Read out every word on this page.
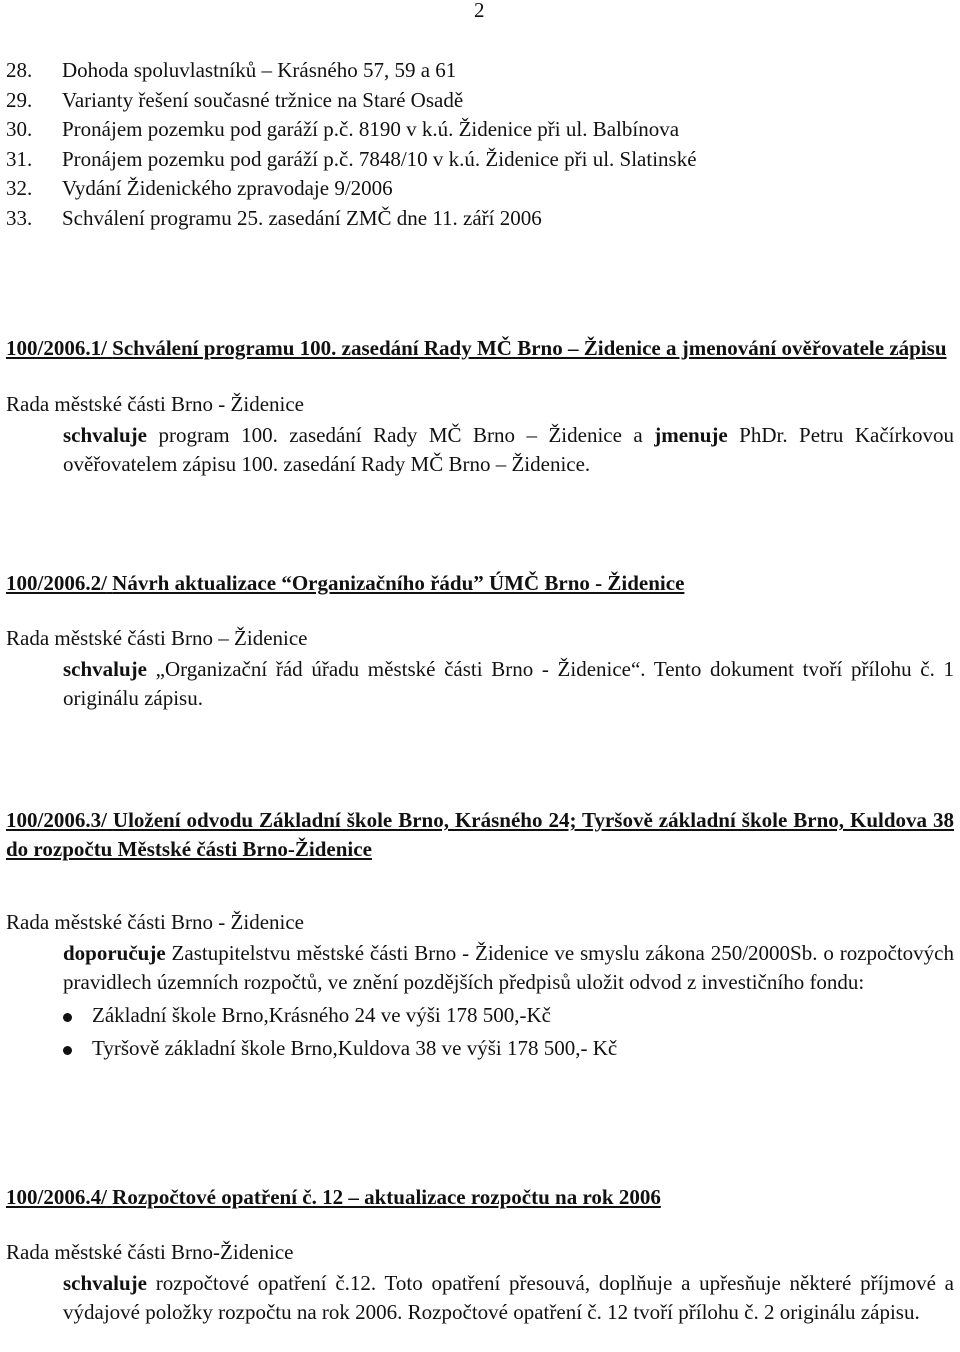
2
28.	Dohoda spoluvlastníků – Krásného 57, 59 a 61
29.	Varianty řešení současné tržnice na Staré Osadě
30.	Pronájem pozemku pod garáží p.č. 8190 v k.ú. Židenice při ul. Balbínova
31.	Pronájem pozemku pod garáží p.č. 7848/10 v k.ú. Židenice při ul. Slatinské
32.	Vydání Židenického zpravodaje 9/2006
33.	Schválení programu 25. zasedání ZMČ dne 11. září 2006
100/2006.1/ Schválení programu 100. zasedání Rady MČ Brno – Židenice a jmenování ověřovatele zápisu
Rada městské části Brno - Židenice
schvaluje program 100. zasedání Rady MČ Brno – Židenice a jmenuje PhDr. Petru Kačírkovou ověřovatelem zápisu 100. zasedání Rady MČ Brno – Židenice.
100/2006.2/ Návrh aktualizace “Organizačního řádu” ÚMČ Brno - Židenice
Rada městské části Brno – Židenice
schvaluje „Organizační řád úřadu městské části Brno - Židenice“. Tento dokument tvoří přílohu č. 1 originálu zápisu.
100/2006.3/ Uložení odvodu Základní škole Brno, Krásného 24; Tyršově základní škole Brno, Kuldova 38 do rozpočtu Městské části Brno-Židenice
Rada městské části Brno - Židenice
doporučuje Zastupitelstvu městské části Brno - Židenice ve smyslu zákona 250/2000Sb. o rozpočtových pravidlech územních rozpočtů, ve znění pozdějších předpisů uložit odvod z investičního fondu:
Základní škole Brno,Krásného 24 ve výši 178 500,-Kč
Tyršově základní škole Brno,Kuldova 38 ve výši 178 500,- Kč
100/2006.4/ Rozpočtové opatření č. 12 – aktualizace rozpočtu na rok 2006
Rada městské části Brno-Židenice
schvaluje rozpočtové opatření č.12. Toto opatření přesouvá, doplňuje a upřesňuje některé příjmové a výdajové položky rozpočtu na rok 2006. Rozpočtové opatření č. 12 tvoří přílohu č. 2 originálu zápisu.
